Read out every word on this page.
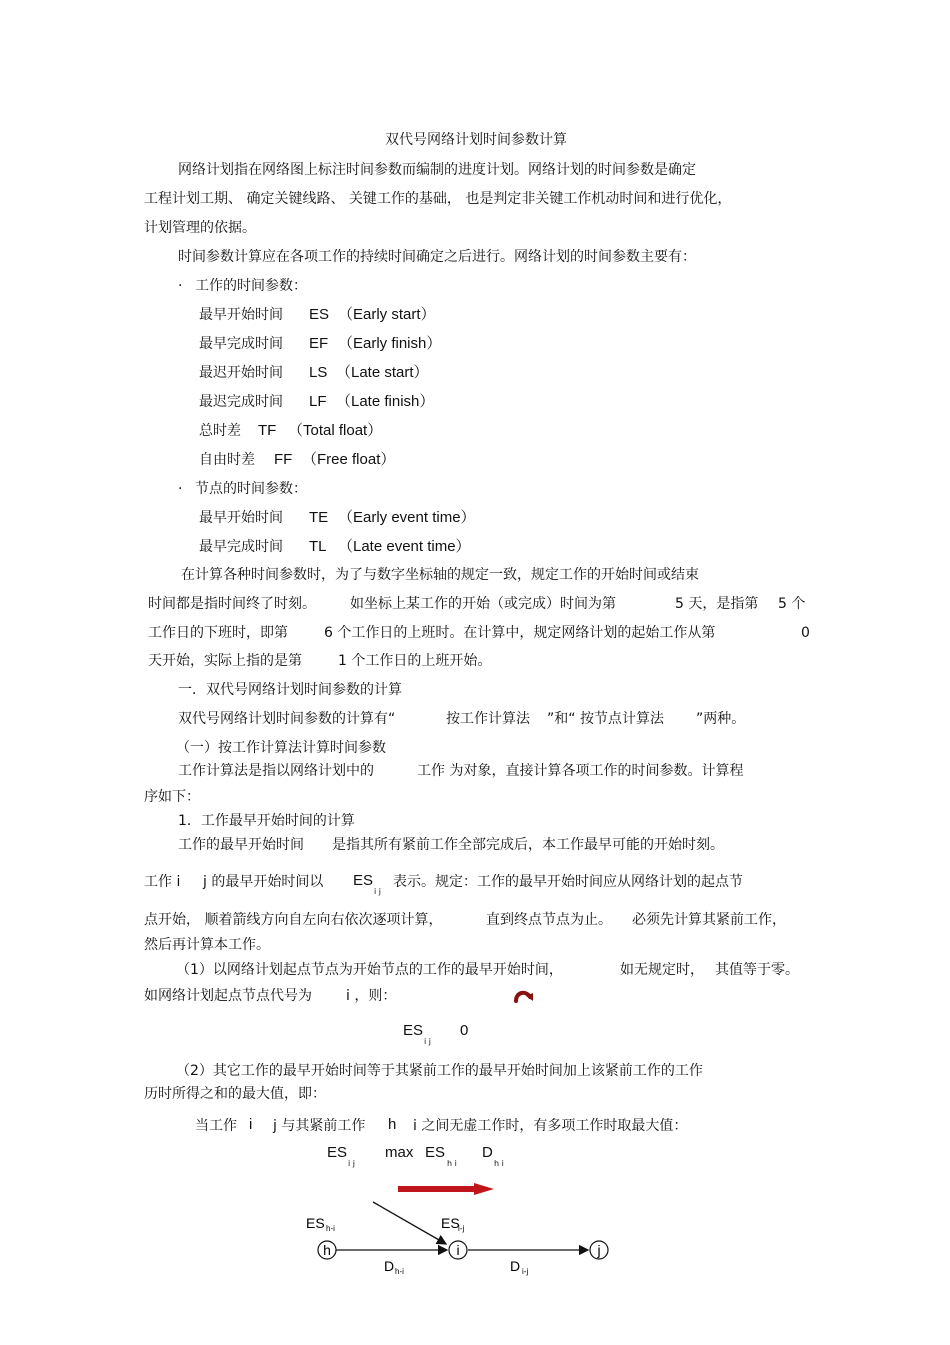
双代号网络计划时间参数计算
网络计划指在网络图上标注时间参数而编制的进度计划。网络计划的时间参数是确定
工程计划工期、 确定关键线路、 关键工作的基础， 也是判定非关键工作机动时间和进行优化，
计划管理的依据。
时间参数计算应在各项工作的持续时间确定之后进行。网络计划的时间参数主要有：
· 工作的时间参数：
最早开始时间 ES （Early start）
最早完成时间 EF （Early finish）
最迟开始时间 LS （Late start）
最迟完成时间 LF （Late finish）
总时差 TF （Total float）
自由时差 FF （Free float）
· 节点的时间参数：
最早开始时间 TE （Early event time）
最早完成时间 TL （Late event time）
在计算各种时间参数时，为了与数字坐标轴的规定一致，规定工作的开始时间或结束
时间都是指时间终了时刻。 如坐标上某工作的开始（或完成）时间为第	5 天，是指第 5 个
工作日的下班时，即第	6 个工作日的上班时。在计算中，规定网络计划的起始工作从第	0
天开始，实际上指的是第	1 个工作日的上班开始。
一．双代号网络计划时间参数的计算
双代号网络计划时间参数的计算有“	按工作计算法 ”和“ 按节点计算法 ”两种。
（一）按工作计算法计算时间参数
工作计算法是指以网络计划中的	工作 为对象，直接计算各项工作的时间参数。计算程
序如下：
1．工作最早开始时间的计算
工作的最早开始时间 是指其所有紧前工作全部完成后，本工作最早可能的开始时刻。
工作 i j 的最早开始时间以 ES
i j
表示。规定：工作的最早开始时间应从网络计划的起点节
点开始， 顺着箭线方向自左向右依次逐项计算，	直到终点节点为止。 必须先计算其紧前工作，
然后再计算本工作。
（1）以网络计划起点节点为开始节点的工作的最早开始时间，	如无规定时， 其值等于零。
如网络计划起点节点代号为 i ，则：
ES
i j
0
（2）其它工作的最早开始时间等于其紧前工作的最早开始时间加上该紧前工作的工作
历时所得之和的最大值，即：
当工作 i j 与其紧前工作 h i 之间无虚工作时，有多项工作时取最大值：
ES
i j
max ES
h i
D
h i
h	i	j
ES h-i	ES
i-j
D h-i	D i-j
